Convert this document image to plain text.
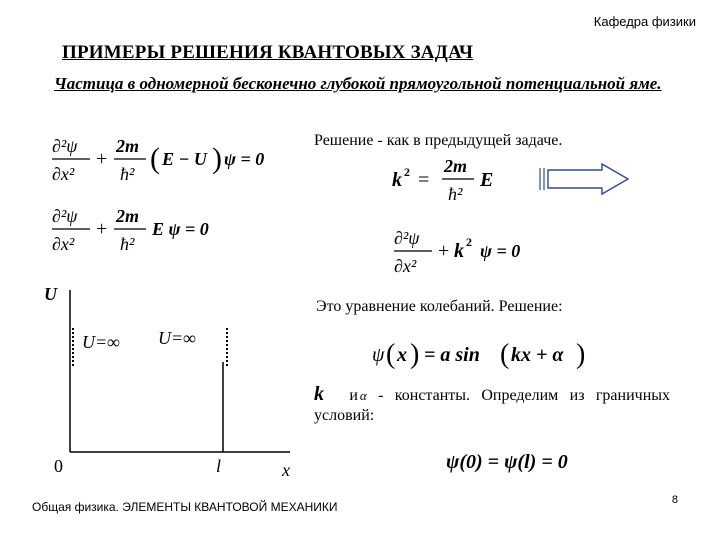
Кафедра физики
ПРИМЕРЫ РЕШЕНИЯ КВАНТОВЫХ ЗАДАЧ
Частица в одномерной бесконечно глубокой прямоугольной потенциальной яме.
∂²ψ
∂x²
+
2m
ħ² ( E − U ) ψ = 0
∂²ψ
∂x²
+
2m
ħ²
E ψ = 0
Решение - как в предыдущей задаче.
k 2 =
2m
ħ²
E
∂²ψ
∂x²
+ k 2 ψ = 0
Это уравнение колебаний. Решение:
ψ ( x ) = a sin ( kx + α )
k и α - константы. Определим из граничных условий:
ψ(0) = ψ(l) = 0
U
U=∞ U=∞
0	l	x
Общая физика. ЭЛЕМЕНТЫ КВАНТОВОЙ МЕХАНИКИ	8
